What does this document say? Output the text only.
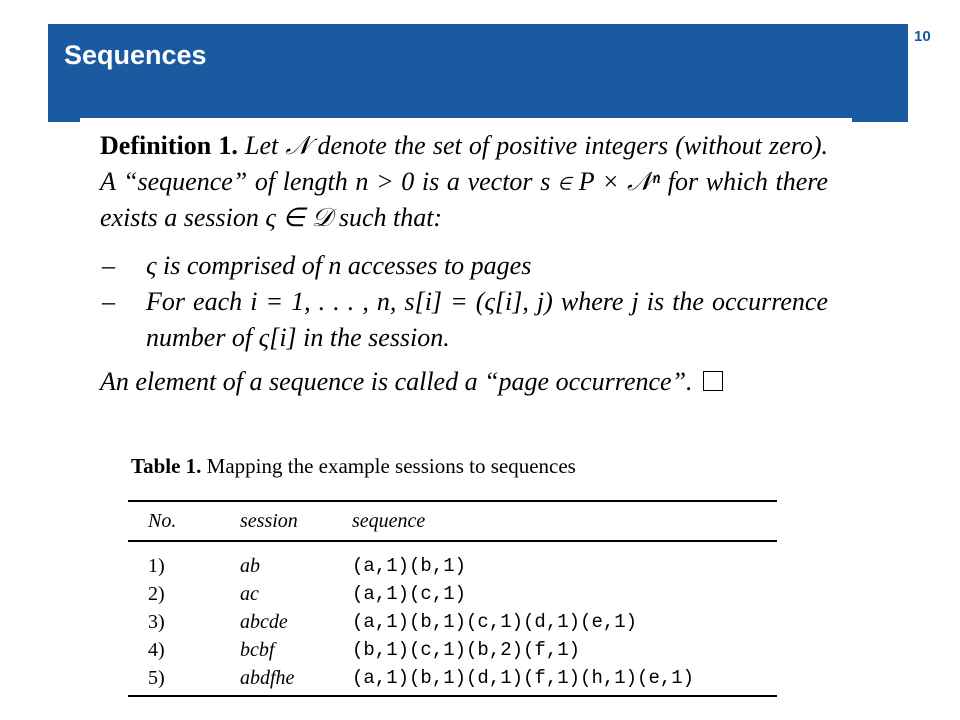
Sequences
10
Definition 1. Let 𝒩 denote the set of positive integers (without zero). A “sequence” of length n > 0 is a vector s ∈ P × 𝒩ⁿ for which there exists a session ς ∈ 𝒟 such that:
– ς is comprised of n accesses to pages
– For each i = 1, . . . , n, s[i] = (ς[i], j) where j is the occurrence number of ς[i] in the session.
An element of a sequence is called a “page occurrence”.
Table 1. Mapping the example sessions to sequences
No.	session	sequence
1)	ab	(a,1)(b,1)
2)	ac	(a,1)(c,1)
3)	abcde	(a,1)(b,1)(c,1)(d,1)(e,1)
4)	bcbf	(b,1)(c,1)(b,2)(f,1)
5)	abdfhe	(a,1)(b,1)(d,1)(f,1)(h,1)(e,1)
